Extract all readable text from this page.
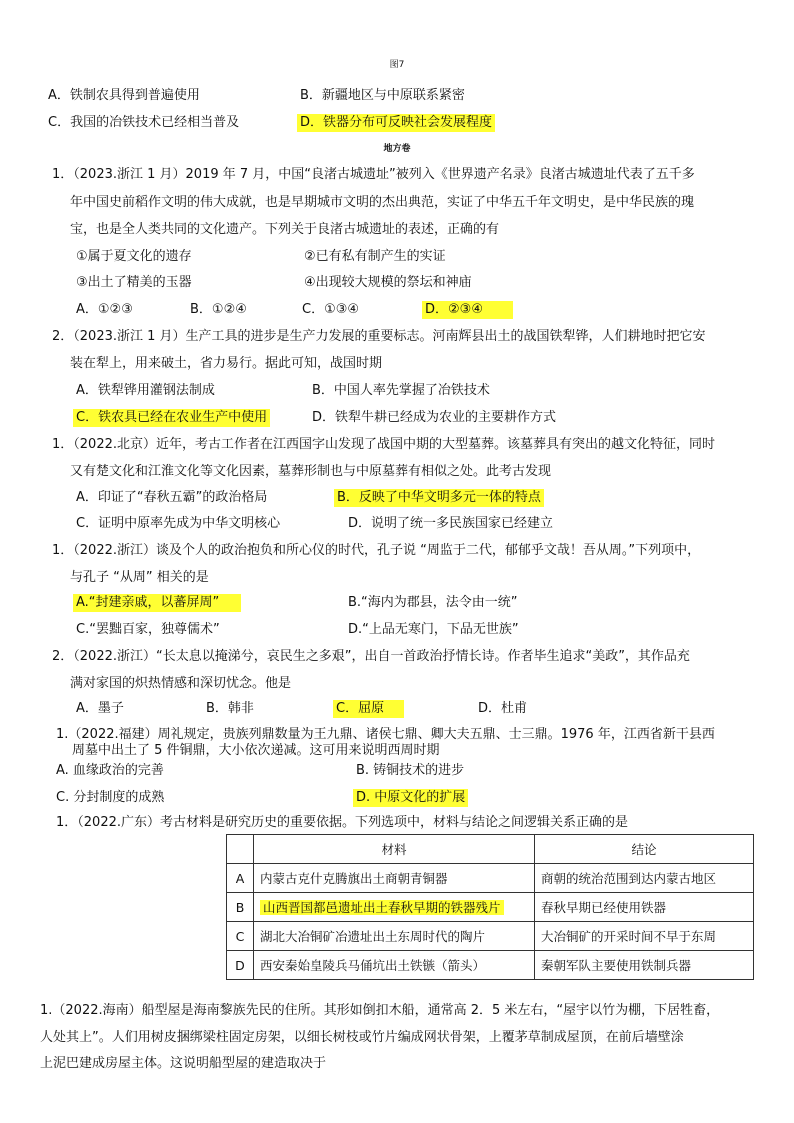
图7
A．铁制农具得到普遍使用	B．新疆地区与中原联系紧密
C．我国的冶铁技术已经相当普及	D．铁器分布可反映社会发展程度
地方卷
1．（2023.浙江 1 月）2019 年 7 月，中国“良渚古城遗址”被列入《世界遗产名录》良渚古城遗址代表了五千多
年中国史前稻作文明的伟大成就，也是早期城市文明的杰出典范，实证了中华五千年文明史，是中华民族的瑰
宝，也是全人类共同的文化遗产。下列关于良渚古城遗址的表述，正确的有
①属于夏文化的遗存	②已有私有制产生的实证
③出土了精美的玉器	④出现较大规模的祭坛和神庙
A．①②③	B．①②④	C．①③④	D．②③④
2．（2023.浙江 1 月）生产工具的进步是生产力发展的重要标志。河南辉县出土的战国铁犁铧，人们耕地时把它安
装在犁上，用来破土，省力易行。据此可知，战国时期
A．铁犁铧用灌钢法制成	B．中国人率先掌握了冶铁技术
C．铁农具已经在农业生产中使用	D．铁犁牛耕已经成为农业的主要耕作方式
1．（2022.北京）近年，考古工作者在江西国字山发现了战国中期的大型墓葬。该墓葬具有突出的越文化特征，同时
又有楚文化和江淮文化等文化因素，墓葬形制也与中原墓葬有相似之处。此考古发现
A．印证了“春秋五霸”的政治格局	B．反映了中华文明多元一体的特点
C．证明中原率先成为中华文明核心	D．说明了统一多民族国家已经建立
1．（2022.浙江）谈及个人的政治抱负和所心仪的时代，孔子说 “周监于二代，郁郁乎文哉！吾从周。”下列项中，
与孔子 “从周” 相关的是
A.“封建亲戚，以蕃屏周”	B.“海内为郡县，法令由一统”
C.“罢黜百家，独尊儒术”	D.“上品无寒门，下品无世族”
2．（2022.浙江）“长太息以掩涕兮，哀民生之多艰”，出自一首政治抒情长诗。作者毕生追求“美政”，其作品充
满对家国的炽热情感和深切忧念。他是
A．墨子	B．韩非	C．屈原	D．杜甫
1.（2022.福建）周礼规定，贵族列鼎数量为王九鼎、诸侯七鼎、卿大夫五鼎、士三鼎。1976 年，江西省新干县西
周墓中出土了 5 件铜鼎，大小依次递减。这可用来说明西周时期
A. 血缘政治的完善	B. 铸铜技术的进步
C. 分封制度的成熟	D. 中原文化的扩展
1．（2022.广东）考古材料是研究历史的重要依据。下列选项中，材料与结论之间逻辑关系正确的是
	材料	结论
A	内蒙古克什克腾旗出土商朝青铜器	商朝的统治范围到达内蒙古地区
B	山西晋国都邑遗址出土春秋早期的铁器残片	春秋早期已经使用铁器
C	湖北大冶铜矿冶遗址出土东周时代的陶片	大冶铜矿的开采时间不早于东周
D	西安秦始皇陵兵马俑坑出土铁镞（箭头）	秦朝军队主要使用铁制兵器
1.（2022.海南）船型屋是海南黎族先民的住所。其形如倒扣木船，通常高 2．5 米左右，“屋宇以竹为棚，下居牲畜，
人处其上”。人们用树皮捆绑梁柱固定房架，以细长树枝或竹片编成网状骨架，上覆茅草制成屋顶，在前后墙壁涂
上泥巴建成房屋主体。这说明船型屋的建造取决于
